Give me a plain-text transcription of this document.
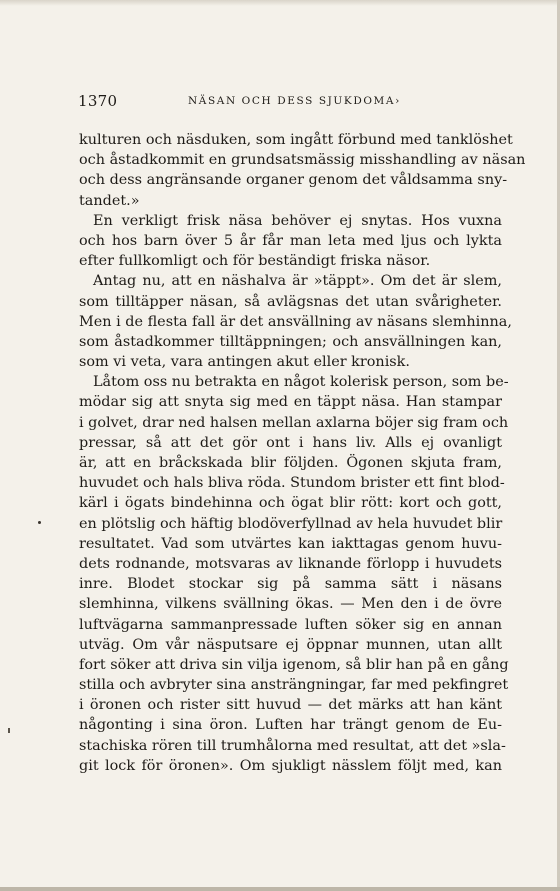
1370	NÄSAN OCH DESS SJUKDOMA›
kulturen och näsduken, som ingått förbund med tanklöshet
och åstadkommit en grundsatsmässig misshandling av näsan
och dess angränsande organer genom det våldsamma sny-
tandet.»
En verkligt frisk näsa behöver ej snytas. Hos vuxna
och hos barn över 5 år får man leta med ljus och lykta
efter fullkomligt och för beständigt friska näsor.
Antag nu, att en näshalva är »täppt». Om det är slem,
som tilltäpper näsan, så avlägsnas det utan svårigheter.
Men i de flesta fall är det ansvällning av näsans slemhinna,
som åstadkommer tilltäppningen; och ansvällningen kan,
som vi veta, vara antingen akut eller kronisk.
Låtom oss nu betrakta en något kolerisk person, som be-
mödar sig att snyta sig med en täppt näsa. Han stampar
i golvet, drar ned halsen mellan axlarna böjer sig fram och
pressar, så att det gör ont i hans liv. Alls ej ovanligt
är, att en bråckskada blir följden. Ögonen skjuta fram,
huvudet och hals bliva röda. Stundom brister ett fint blod-
kärl i ögats bindehinna och ögat blir rött: kort och gott,
en plötslig och häftig blodöverfyllnad av hela huvudet blir
resultatet. Vad som utvärtes kan iakttagas genom huvu-
dets rodnande, motsvaras av liknande förlopp i huvudets
inre. Blodet stockar sig på samma sätt i näsans
slemhinna, vilkens svällning ökas. — Men den i de övre
luftvägarna sammanpressade luften söker sig en annan
utväg. Om vår näsputsare ej öppnar munnen, utan allt
fort söker att driva sin vilja igenom, så blir han på en gång
stilla och avbryter sina ansträngningar, far med pekfingret
i öronen och rister sitt huvud — det märks att han känt
någonting i sina öron. Luften har trängt genom de Eu-
stachiska rören till trumhålorna med resultat, att det »sla-
git lock för öronen». Om sjukligt nässlem följt med, kan
